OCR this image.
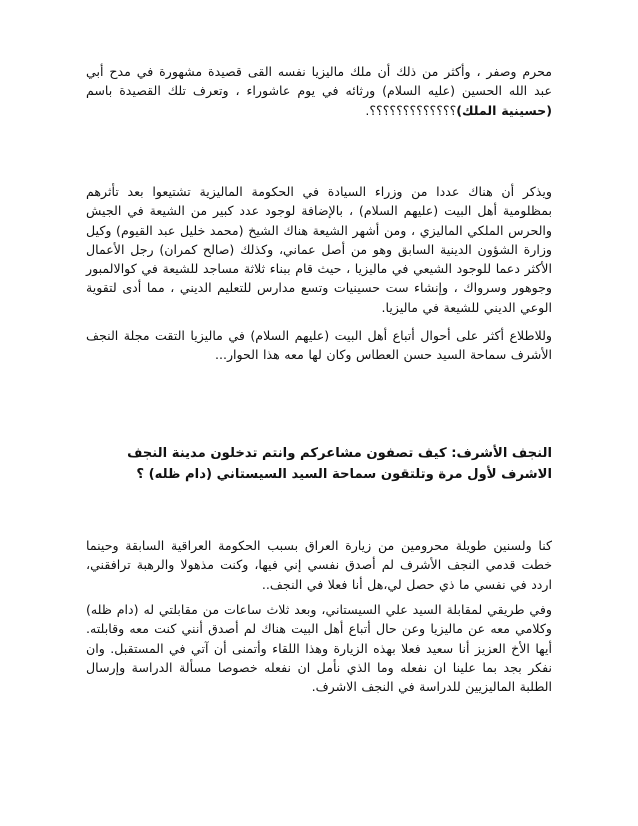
محرم وصفر ، وأكثر من ذلك أن ملك ماليزيا نفسه القى قصيدة مشهورة في مدح أبي عبد الله الحسين (عليه السلام) ورثائه في يوم عاشوراء ، وتعرف تلك القصيدة باسم (حسينية الملك)؟؟؟؟؟؟؟؟؟؟؟؟؟.

ويذكر أن هناك عددا من وزراء السيادة في الحكومة الماليزية تشتيعوا بعد تأثرهم بمظلومية أهل البيت (عليهم السلام) ، بالإضافة لوجود عدد كبير من الشيعة في الجيش والحرس الملكي الماليزي ، ومن أشهر الشيعة هناك الشيخ (محمد خليل عبد القيوم) وكيل وزارة الشؤون الدينية السابق وهو من أصل عماني، وكذلك (صالح كمران) رجل الأعمال الأكثر دعما للوجود الشيعي في ماليزيا ، حيث قام ببناء ثلاثة مساجد للشيعة في كوالالمبور وجوهور وسرواك ، وإنشاء ست حسينيات وتسع مدارس للتعليم الديني ، مما أدى لتقوية الوعي الديني للشيعة في ماليزيا.

وللاطلاع أكثر على أحوال أتباع أهل البيت (عليهم السلام) في ماليزيا التقت مجلة النجف الأشرف سماحة السيد حسن العطاس وكان لها معه هذا الحوار...

النجف الأشرف: كيف تصفون مشاعركم وانتم تدخلون مدينة النجف الاشرف لأول مرة وتلتقون سماحة السيد السيستاني (دام ظله) ؟

كنا ولسنين طويلة محرومين من زيارة العراق بسبب الحكومة العراقية السابقة وحينما خطت قدمي النجف الأشرف لم أصدق نفسي إني فيها، وكنت مذهولا والرهبة ترافقني، اردد في نفسي ما ذي حصل لي،هل أنا فعلا في النجف..

وفي طريقي لمقابلة السيد علي السيستاني، وبعد ثلاث ساعات من مقابلتي له (دام ظله) وكلامي معه عن ماليزيا وعن حال أتباع أهل البيت هناك لم أصدق أنني كنت معه وقابلته. أيها الأخ العزيز أنا سعيد فعلا بهذه الزيارة وهذا اللقاء وأتمنى أن آتي في المستقبل. وان نفكر بجد بما علينا ان نفعله وما الذي نأمل ان نفعله خصوصا مسألة الدراسة وإرسال الطلبة الماليزيين للدراسة في النجف الاشرف.
